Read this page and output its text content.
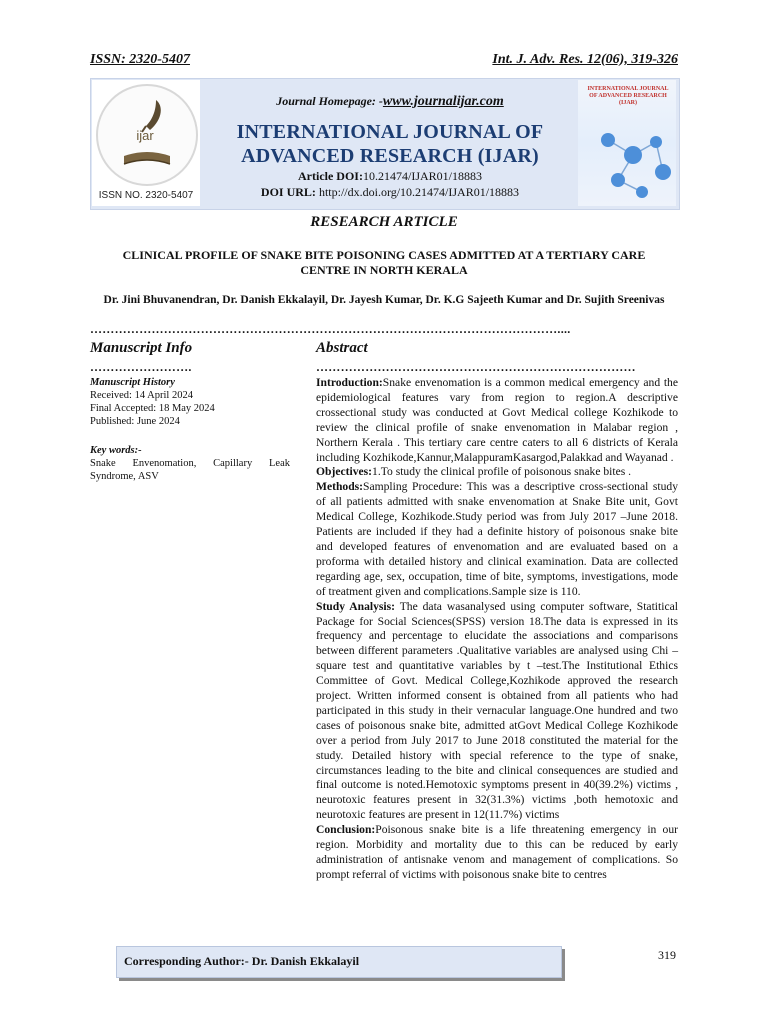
ISSN: 2320-5407	Int. J. Adv. Res. 12(06), 319-326
ijar
ISSN NO. 2320-5407
INTERNATIONAL JOURNAL OF ADVANCED RESEARCH (IJAR)
Journal Homepage: -www.journalijar.com
INTERNATIONAL JOURNAL OF ADVANCED RESEARCH (IJAR)
Article DOI:10.21474/IJAR01/18883
DOI URL: http://dx.doi.org/10.21474/IJAR01/18883
RESEARCH ARTICLE
CLINICAL PROFILE OF SNAKE BITE POISONING CASES ADMITTED AT A TERTIARY CARE CENTRE IN NORTH KERALA
Dr. Jini Bhuvanendran, Dr. Danish Ekkalayil, Dr. Jayesh Kumar, Dr. K.G Sajeeth Kumar and Dr. Sujith Sreenivas
……………………………………………………………………………………………………....
Manuscript Info	Abstract
…………………….	……………………………………………………………………
Manuscript History
Received: 14 April 2024
Final Accepted: 18 May 2024
Published: June 2024
Key words:-
Snake Envenomation, Capillary Leak Syndrome, ASV

Introduction:Snake envenomation is a common medical emergency and the epidemiological features vary from region to region.A descriptive crossectional study was conducted at Govt Medical college Kozhikode to review the clinical profile of snake envenomation in Malabar region , Northern Kerala . This tertiary care centre caters to all 6 districts of Kerala including Kozhikode,Kannur,MalappuramKasargod,Palakkad and Wayanad .

Objectives:1.To study the clinical profile of poisonous snake bites .

Methods:Sampling Procedure: This was a descriptive cross-sectional study of all patients admitted with snake envenomation at Snake Bite unit, Govt Medical College, Kozhikode.Study period was from July 2017 –June 2018. Patients are included if they had a definite history of poisonous snake bite and developed features of envenomation and are evaluated based on a proforma with detailed history and clinical examination. Data are collected regarding age, sex, occupation, time of bite, symptoms, investigations, mode of treatment given and complications.Sample size is 110.

Study Analysis: The data wasanalysed using computer software, Statitical Package for Social Sciences(SPSS) version 18.The data is expressed in its frequency and percentage to elucidate the associations and comparisons between different parameters .Qualitative variables are analysed using Chi –square test and quantitative variables by t –test.The Institutional Ethics Committee of Govt. Medical College,Kozhikode approved the research project. Written informed consent is obtained from all patients who had participated in this study in their vernacular language.One hundred and two cases of poisonous snake bite, admitted atGovt Medical College Kozhikode over a period from July 2017 to June 2018 constituted the material for the study. Detailed history with special reference to the type of snake, circumstances leading to the bite and clinical consequences are studied and final outcome is noted.Hemotoxic symptoms present in 40(39.2%) victims , neurotoxic features present in 32(31.3%) victims ,both hemotoxic and neurotoxic features are present in 12(11.7%) victims

Conclusion:Poisonous snake bite is a life threatening emergency in our region. Morbidity and mortality due to this can be reduced by early administration of antisnake venom and management of complications. So prompt referral of victims with poisonous snake bite to centres

Corresponding Author:- Dr. Danish Ekkalayil	319
